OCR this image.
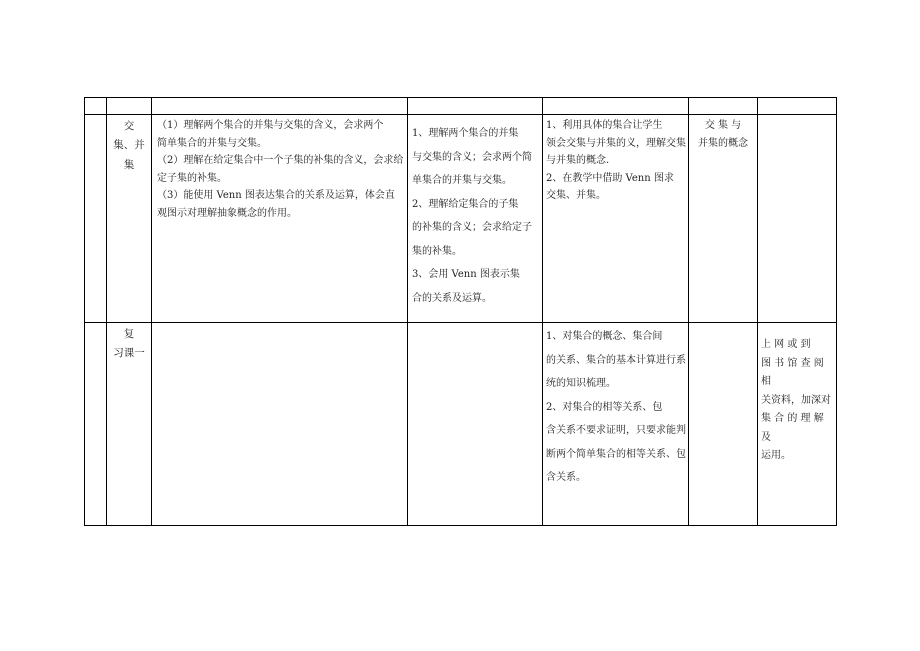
交
集、并
集
（1）理解两个集合的并集与交集的含义，会求两个
简单集合的并集与交集。
（2）理解在给定集合中一个子集的补集的含义，会求给
定子集的补集。
（3）能使用 Venn 图表达集合的关系及运算，体会直
观图示对理解抽象概念的作用。
1、理解两个集合的并集
与交集的含义；会求两个简
单集合的并集与交集。
2、理解给定集合的子集
的补集的含义；会求给定子
集的补集。
3、会用 Venn 图表示集
合的关系及运算。
1、利用具体的集合让学生
领会交集与并集的义，理解交集
与并集的概念.
2、在教学中借助 Venn 图求
交集、并集。
交 集 与
并集的概念
复
习课一
1、对集合的概念、集合间
的关系、集合的基本计算进行系
统的知识梳理。
2、对集合的相等关系、包
含关系不要求证明，只要求能判
断两个简单集合的相等关系、包
含关系。
上 网 或 到
图 书 馆 查 阅 相
关资料，加深对
集 合 的 理 解 及
运用。
